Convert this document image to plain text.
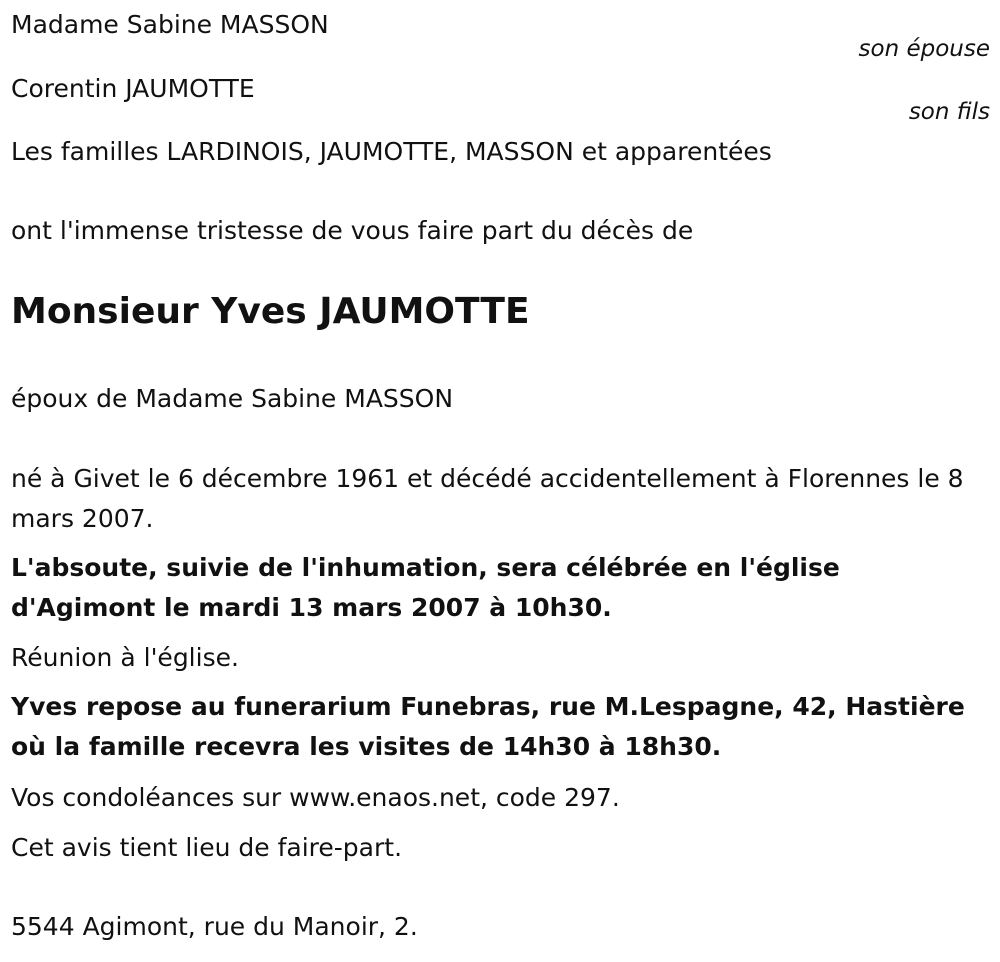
Madame Sabine MASSON

son épouse

Corentin JAUMOTTE

son fils

Les familles LARDINOIS, JAUMOTTE, MASSON et apparentées

ont l'immense tristesse de vous faire part du décès de

Monsieur Yves JAUMOTTE

époux de Madame Sabine MASSON

né à Givet le 6 décembre 1961 et décédé accidentellement à Florennes le 8 mars 2007.

L'absoute, suivie de l'inhumation, sera célébrée en l'église d'Agimont le mardi 13 mars 2007 à 10h30.

Réunion à l'église.

Yves repose au funerarium Funebras, rue M.Lespagne, 42, Hastière où la famille recevra les visites de 14h30 à 18h30.

Vos condoléances sur www.enaos.net, code 297.

Cet avis tient lieu de faire-part.

5544 Agimont, rue du Manoir, 2.
